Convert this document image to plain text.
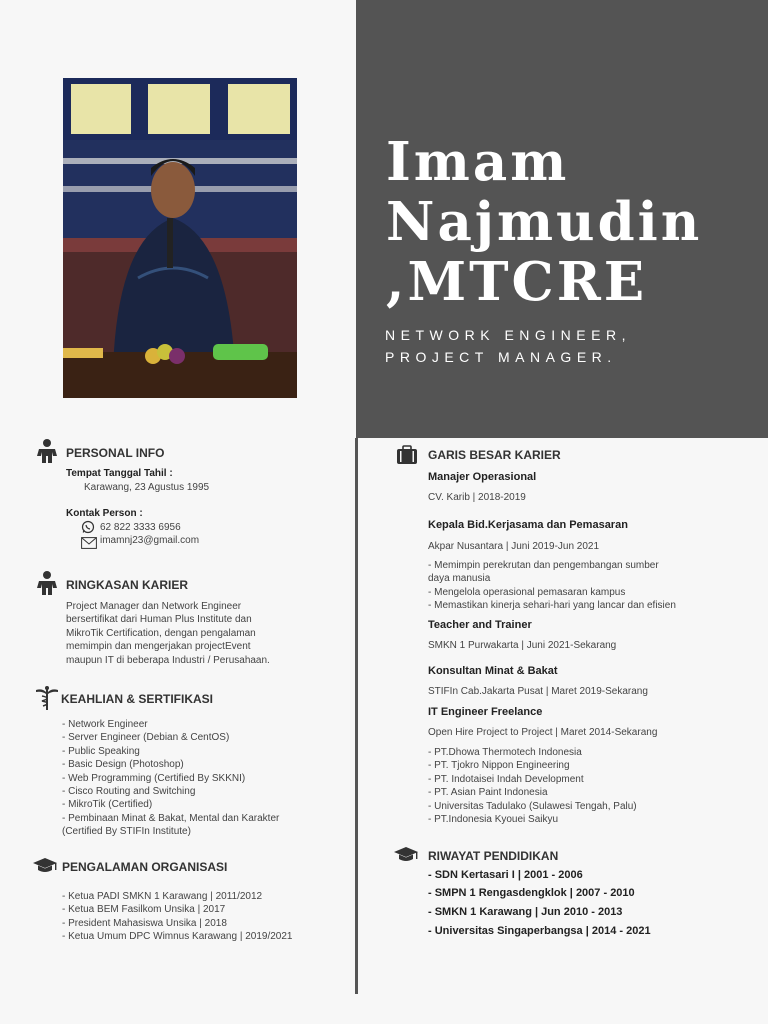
Imam
Najmudin
,MTCRE
NETWORK ENGINEER,
PROJECT MANAGER.
PERSONAL INFO
Tempat Tanggal Tahil :
Karawang, 23 Agustus 1995
Kontak Person :
62 822 3333 6956
imamnj23@gmail.com
RINGKASAN KARIER
Project Manager dan Network Engineer
bersertifikat dari Human Plus Institute dan
MikroTik Certification, dengan pengalaman
memimpin dan mengerjakan projectEvent
maupun IT di beberapa Industri / Perusahaan.
KEAHLIAN & SERTIFIKASI
- Network Engineer
- Server Engineer (Debian & CentOS)
- Public Speaking
- Basic Design (Photoshop)
- Web Programming (Certified By SKKNI)
- Cisco Routing and Switching
- MikroTik (Certified)
- Pembinaan Minat & Bakat, Mental dan Karakter
(Certified By STIFIn Institute)
PENGALAMAN ORGANISASI
- Ketua PADI SMKN 1 Karawang | 2011/2012
- Ketua BEM Fasilkom Unsika | 2017
- President Mahasiswa Unsika | 2018
- Ketua Umum DPC Wimnus Karawang | 2019/2021
GARIS BESAR KARIER
Manajer Operasional
CV. Karib | 2018-2019
Kepala Bid.Kerjasama dan Pemasaran
Akpar Nusantara | Juni 2019-Jun 2021
- Memimpin perekrutan dan pengembangan sumber
daya manusia
- Mengelola operasional pemasaran kampus
- Memastikan kinerja sehari-hari yang lancar dan efisien
Teacher and Trainer
SMKN 1 Purwakarta | Juni 2021-Sekarang
Konsultan Minat & Bakat
STIFIn Cab.Jakarta Pusat | Maret 2019-Sekarang
IT Engineer Freelance
Open Hire Project to Project | Maret 2014-Sekarang
- PT.Dhowa Thermotech Indonesia
- PT. Tjokro Nippon Engineering
- PT. Indotaisei Indah Development
- PT. Asian Paint Indonesia
- Universitas Tadulako (Sulawesi Tengah, Palu)
- PT.Indonesia Kyouei Saikyu
RIWAYAT PENDIDIKAN
- SDN Kertasari I | 2001 - 2006
- SMPN 1 Rengasdengklok | 2007 - 2010
- SMKN 1 Karawang | Jun 2010 - 2013
- Universitas Singaperbangsa | 2014 - 2021
